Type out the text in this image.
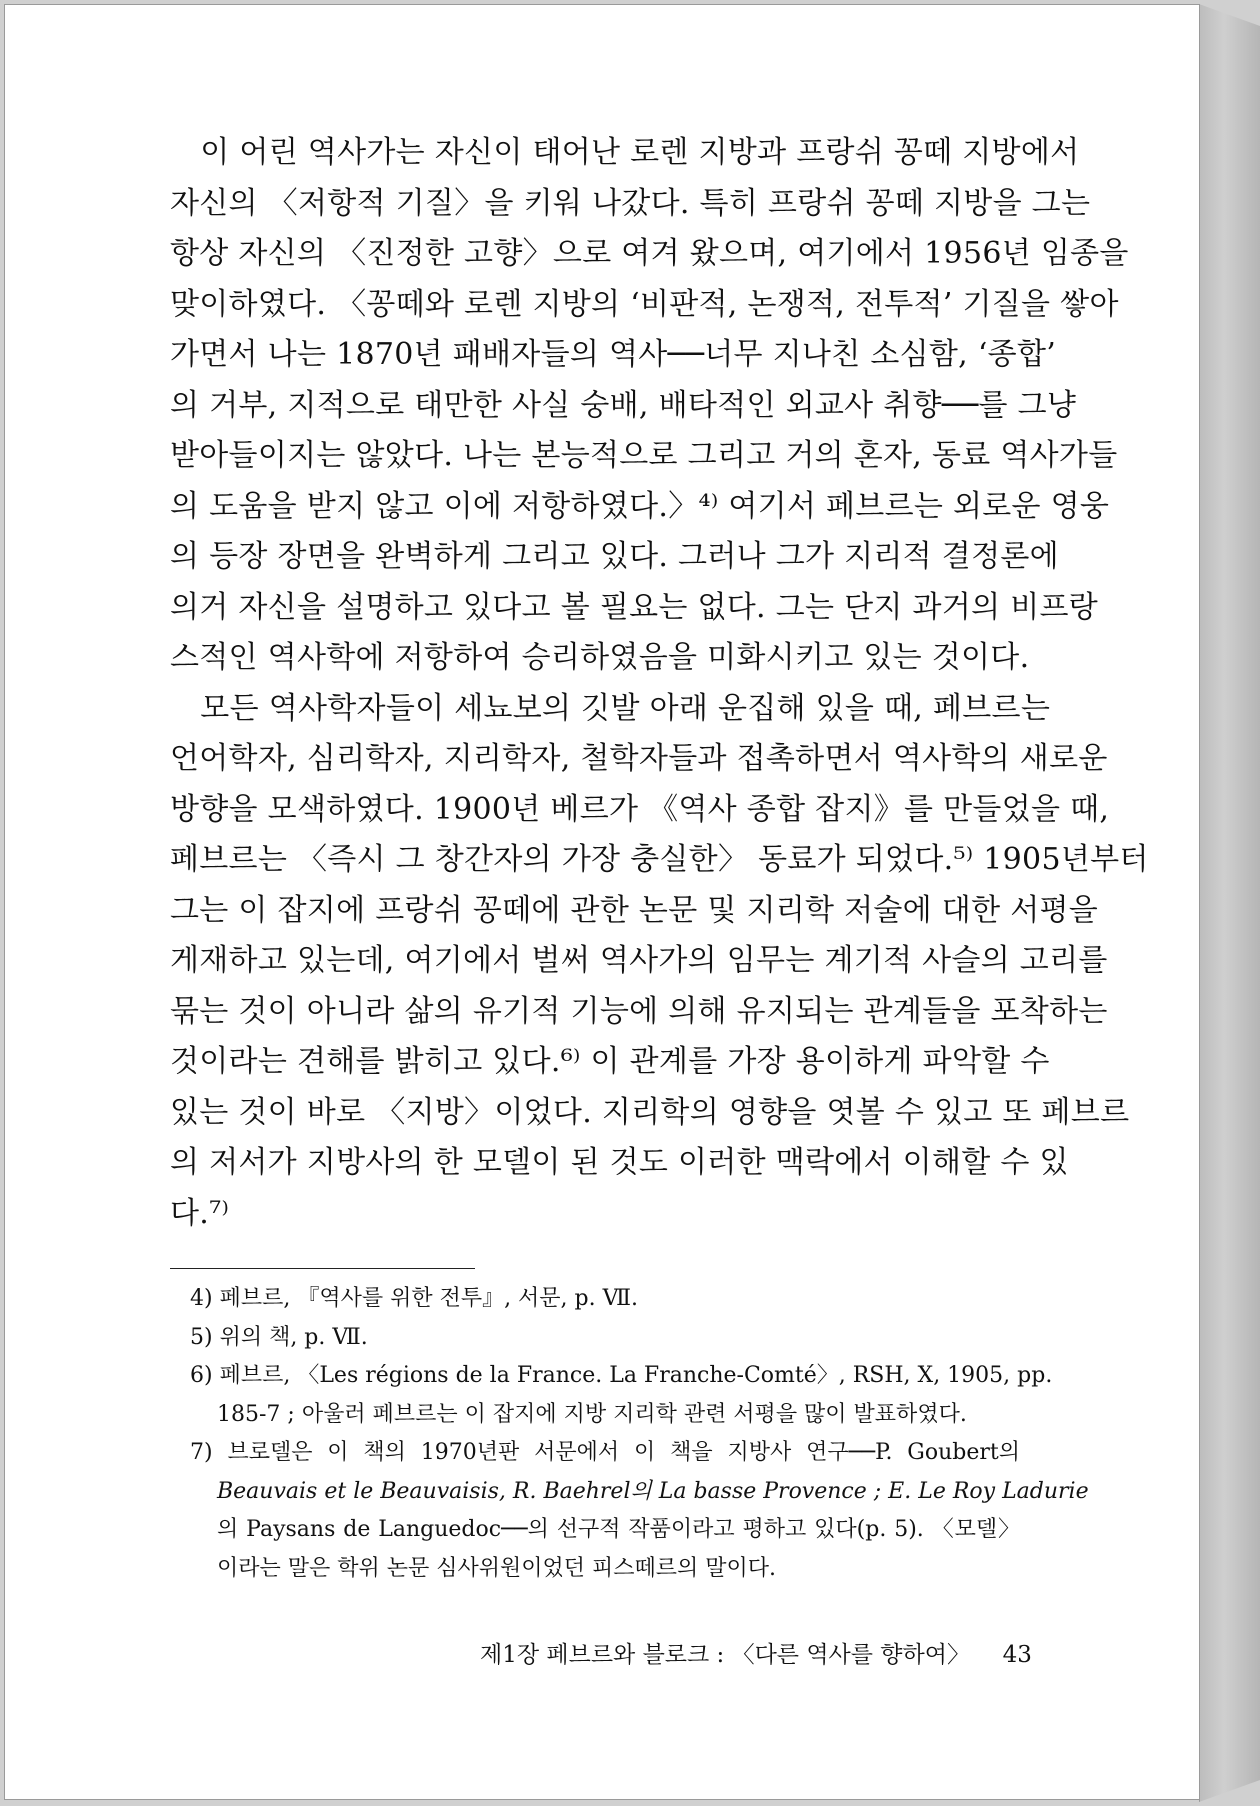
　이 어린 역사가는 자신이 태어난 로렌 지방과 프랑쉬 꽁떼 지방에서
자신의 〈저항적 기질〉을 키워 나갔다. 특히 프랑쉬 꽁떼 지방을 그는
항상 자신의 〈진정한 고향〉으로 여겨 왔으며, 여기에서 1956년 임종을
맞이하였다. 〈꽁떼와 로렌 지방의 ‘비판적, 논쟁적, 전투적’ 기질을 쌓아
가면서 나는 1870년 패배자들의 역사──너무 지나친 소심함, ‘종합’
의 거부, 지적으로 태만한 사실 숭배, 배타적인 외교사 취향──를 그냥
받아들이지는 않았다. 나는 본능적으로 그리고 거의 혼자, 동료 역사가들
의 도움을 받지 않고 이에 저항하였다.〉⁴⁾ 여기서 페브르는 외로운 영웅
의 등장 장면을 완벽하게 그리고 있다. 그러나 그가 지리적 결정론에
의거 자신을 설명하고 있다고 볼 필요는 없다. 그는 단지 과거의 비프랑
스적인 역사학에 저항하여 승리하였음을 미화시키고 있는 것이다.
　모든 역사학자들이 세뇨보의 깃발 아래 운집해 있을 때, 페브르는
언어학자, 심리학자, 지리학자, 철학자들과 접촉하면서 역사학의 새로운
방향을 모색하였다. 1900년 베르가 《역사 종합 잡지》를 만들었을 때,
페브르는 〈즉시 그 창간자의 가장 충실한〉 동료가 되었다.⁵⁾ 1905년부터
그는 이 잡지에 프랑쉬 꽁떼에 관한 논문 및 지리학 저술에 대한 서평을
게재하고 있는데, 여기에서 벌써 역사가의 임무는 계기적 사슬의 고리를
묶는 것이 아니라 삶의 유기적 기능에 의해 유지되는 관계들을 포착하는
것이라는 견해를 밝히고 있다.⁶⁾ 이 관계를 가장 용이하게 파악할 수
있는 것이 바로 〈지방〉이었다. 지리학의 영향을 엿볼 수 있고 또 페브르
의 저서가 지방사의 한 모델이 된 것도 이러한 맥락에서 이해할 수 있
다.⁷⁾
4) 페브르, 『역사를 위한 전투』, 서문, p. Ⅶ.
5) 위의 책, p. Ⅶ.
6) 페브르, 〈Les régions de la France. La Franche-Comté〉, RSH, X, 1905, pp.
185-7 ; 아울러 페브르는 이 잡지에 지방 지리학 관련 서평을 많이 발표하였다.
7) 브로델은 이 책의 1970년판 서문에서 이 책을 지방사 연구──P. Goubert의
Beauvais et le Beauvaisis, R. Baehrel의 La basse Provence ; E. Le Roy Ladurie
의 Paysans de Languedoc──의 선구적 작품이라고 평하고 있다(p. 5). 〈모델〉
이라는 말은 학위 논문 심사위원이었던 피스떼르의 말이다.
제1장 페브르와 블로크 : 〈다른 역사를 향하여〉 43
